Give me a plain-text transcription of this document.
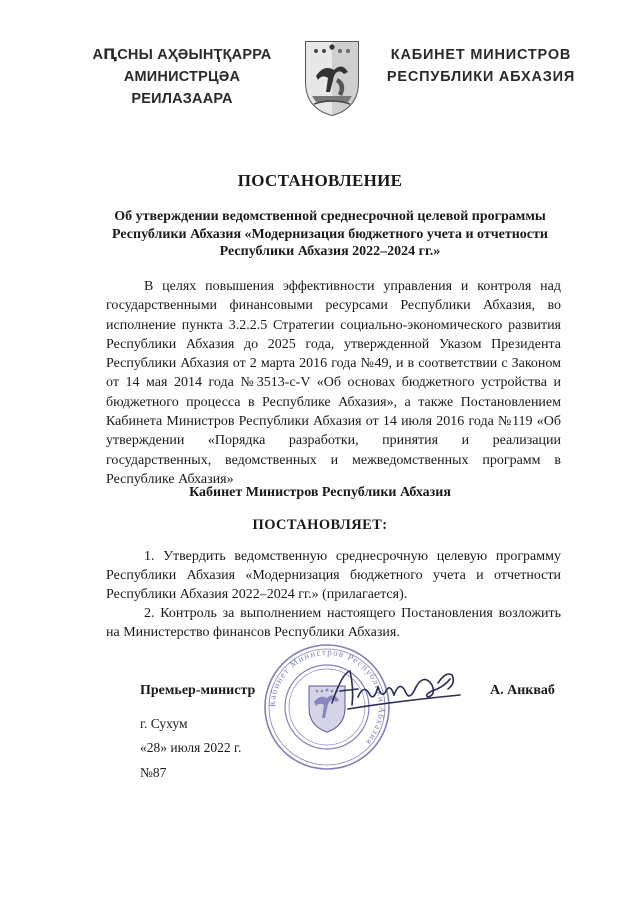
АԤСНЫ АҲӘЫНҬҚАРРА
АМИНИСТРЦӘА РЕИЛАЗААРА
КАБИНЕТ МИНИСТРОВ
РЕСПУБЛИКИ АБХАЗИЯ
ПОСТАНОВЛЕНИЕ
Об утверждении ведомственной среднесрочной целевой программы Республики Абхазия «Модернизация бюджетного учета и отчетности Республики Абхазия 2022–2024 гг.»
В целях повышения эффективности управления и контроля над государственными финансовыми ресурсами Республики Абхазия, во исполнение пункта 3.2.2.5 Стратегии социально-экономического развития Республики Абхазия до 2025 года, утвержденной Указом Президента Республики Абхазия от 2 марта 2016 года №49, и в соответствии с Законом от 14 мая 2014 года №3513-с-V «Об основах бюджетного устройства и бюджетного процесса в Республике Абхазия», а также Постановлением Кабинета Министров Республики Абхазия от 14 июля 2016 года №119 «Об утверждении «Порядка разработки, принятия и реализации государственных, ведомственных и межведомственных программ в Республике Абхазия»
Кабинет Министров Республики Абхазия
ПОСТАНОВЛЯЕТ:

1. Утвердить ведомственную среднесрочную целевую программу Республики Абхазия «Модернизация бюджетного учета и отчетности Республики Абхазия 2022–2024 гг.» (прилагается).

2. Контроль за выполнением настоящего Постановления возложить на Министерство финансов Республики Абхазия.

Кабинет Министров Республики Абхазия
Премьер-министр	А. Анкваб
г. Сухум
«28» июля 2022 г.
№87
